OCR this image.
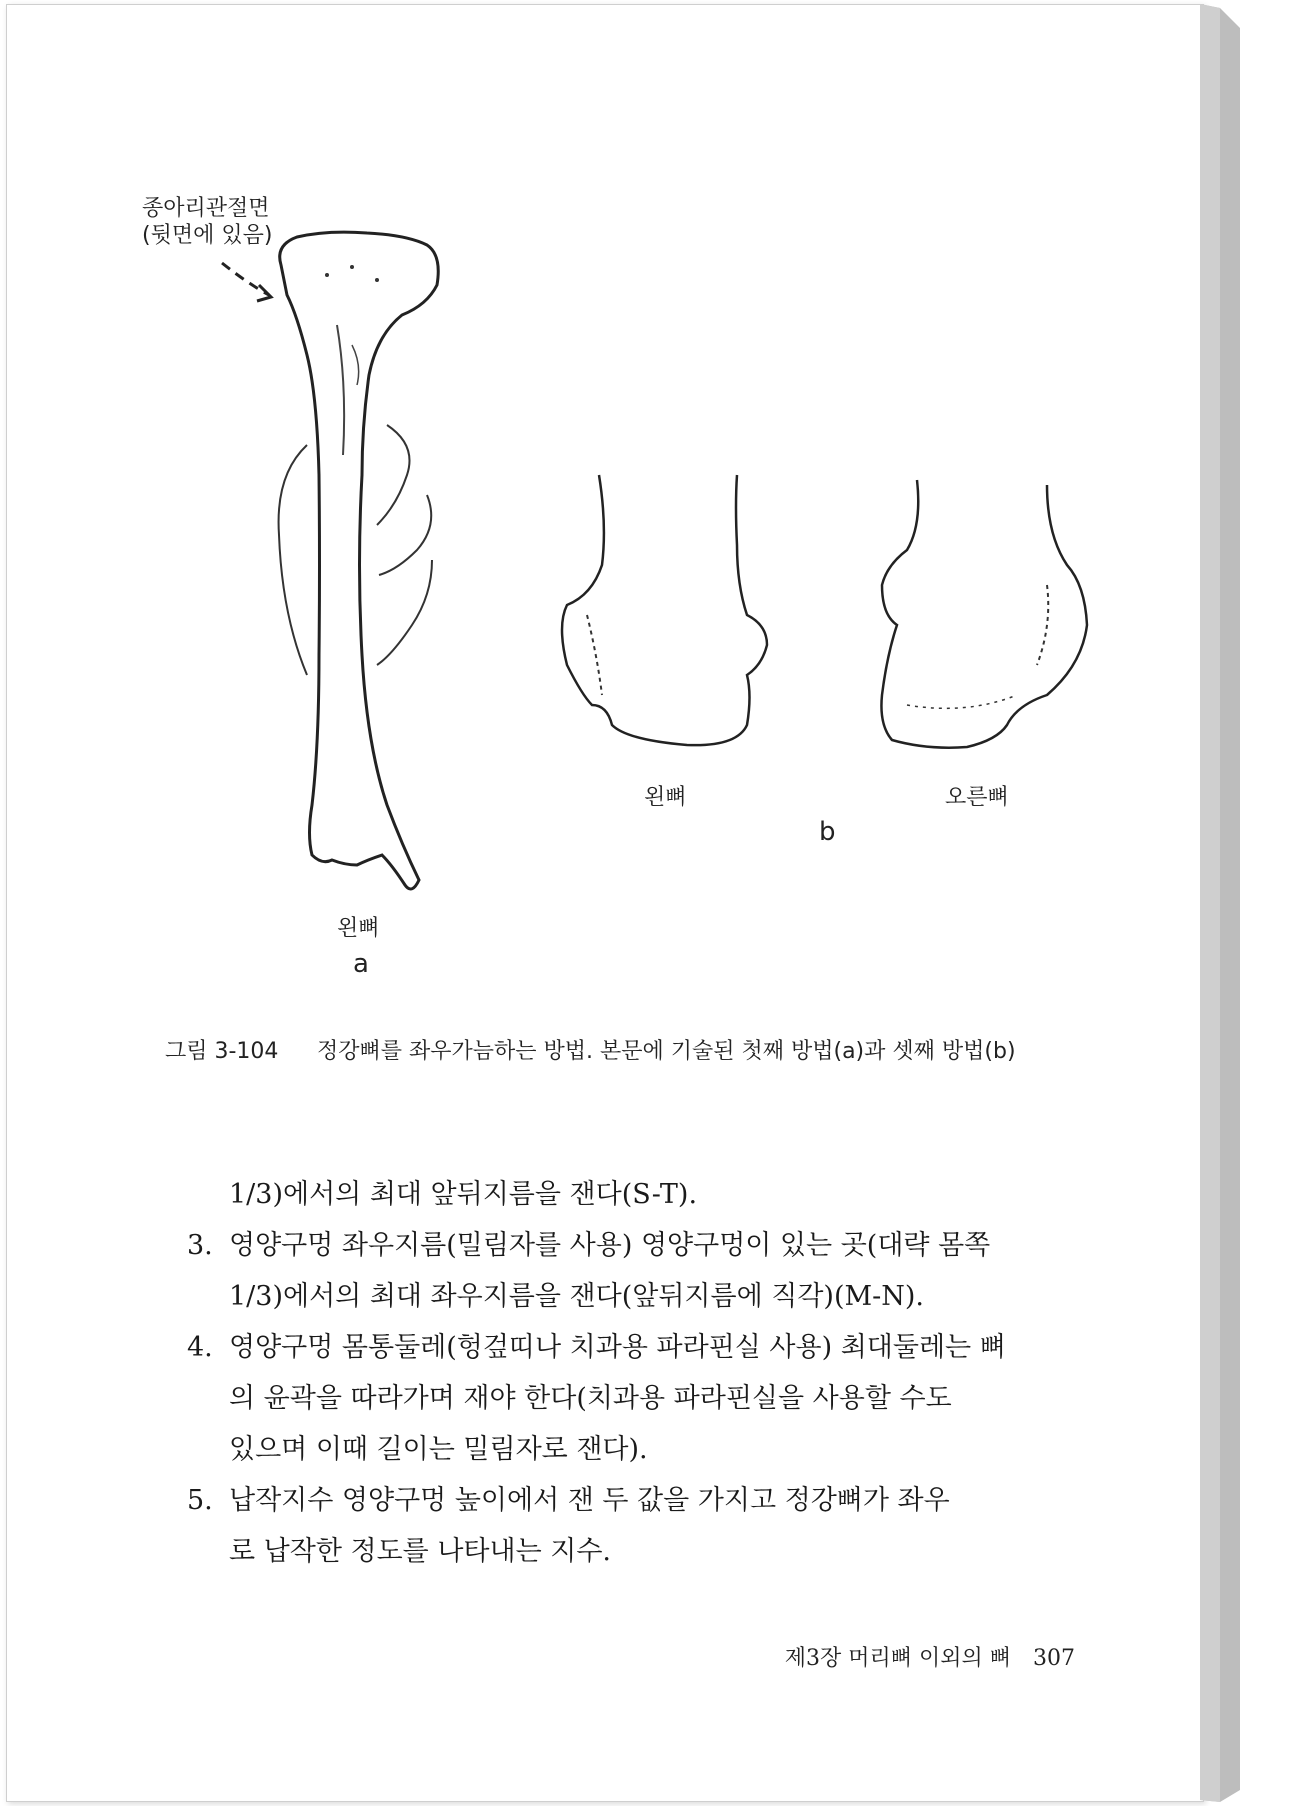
종아리관절면
(뒷면에 있음)
왼뼈	오른뼈
b
왼뼈
a
그림 3-104 정강뼈를 좌우가늠하는 방법. 본문에 기술된 첫째 방법(a)과 셋째 방법(b)
1/3)에서의 최대 앞뒤지름을 잰다(S-T).
3. 영양구멍 좌우지름(밀림자를 사용) 영양구멍이 있는 곳(대략 몸쪽
1/3)에서의 최대 좌우지름을 잰다(앞뒤지름에 직각)(M-N).
4. 영양구멍 몸통둘레(헝겊띠나 치과용 파라핀실 사용) 최대둘레는 뼈
의 윤곽을 따라가며 재야 한다(치과용 파라핀실을 사용할 수도
있으며 이때 길이는 밀림자로 잰다).
5. 납작지수 영양구멍 높이에서 잰 두 값을 가지고 정강뼈가 좌우
로 납작한 정도를 나타내는 지수.
제3장 머리뼈 이외의 뼈 307
